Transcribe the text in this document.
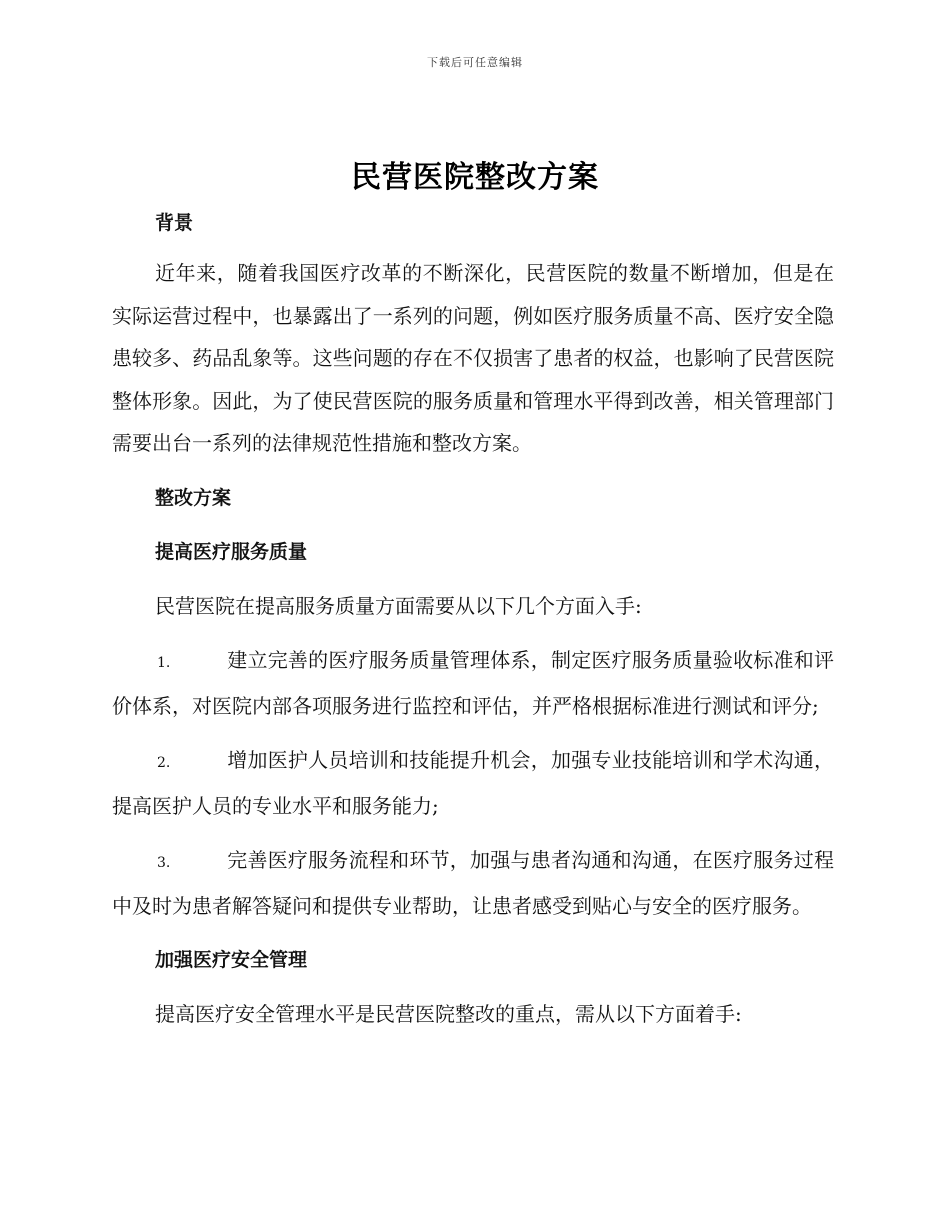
下载后可任意编辑
民营医院整改方案

背景

近年来，随着我国医疗改革的不断深化，民营医院的数量不断增加，但是在实际运营过程中，也暴露出了一系列的问题，例如医疗服务质量不高、医疗安全隐患较多、药品乱象等。这些问题的存在不仅损害了患者的权益，也影响了民营医院整体形象。因此，为了使民营医院的服务质量和管理水平得到改善，相关管理部门需要出台一系列的法律规范性措施和整改方案。

整改方案

提高医疗服务质量

民营医院在提高服务质量方面需要从以下几个方面入手:

1.	建立完善的医疗服务质量管理体系，制定医疗服务质量验收标准和评价体系，对医院内部各项服务进行监控和评估，并严格根据标准进行测试和评分;

2.	增加医护人员培训和技能提升机会，加强专业技能培训和学术沟通，提高医护人员的专业水平和服务能力;

3.	完善医疗服务流程和环节，加强与患者沟通和沟通，在医疗服务过程中及时为患者解答疑问和提供专业帮助，让患者感受到贴心与安全的医疗服务。

加强医疗安全管理

提高医疗安全管理水平是民营医院整改的重点，需从以下方面着手:
